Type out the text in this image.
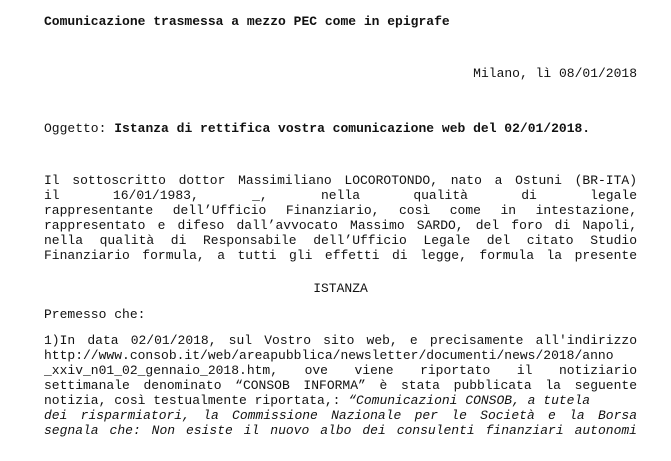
Comunicazione trasmessa a mezzo PEC come in epigrafe

Milano, lì 08/01/2018

Oggetto: Istanza di rettifica vostra comunicazione web del 02/01/2018.

Il sottoscritto dottor Massimiliano LOCOROTONDO, nato a Ostuni (BR-ITA)

il 16/01/1983, _, nella qualità di legale

rappresentante dell’Ufficio Finanziario, così come in intestazione,

rappresentato e difeso dall’avvocato Massimo SARDO, del foro di Napoli,

nella qualità di Responsabile dell’Ufficio Legale del citato Studio

Finanziario formula, a tutti gli effetti di legge, formula la presente

ISTANZA

Premesso che:

1)In data 02/01/2018, sul Vostro sito web, e precisamente all'indirizzo

http://www.consob.it/web/areapubblica/newsletter/documenti/news/2018/anno

_xxiv_n01_02_gennaio_2018.htm, ove viene riportato il notiziario

settimanale denominato “CONSOB INFORMA” è stata pubblicata la seguente

notizia, così testualmente riportata,: “Comunicazioni CONSOB, a tutela

dei risparmiatori, la Commissione Nazionale per le Società e la Borsa

segnala che: Non esiste il nuovo albo dei consulenti finanziari autonomi
